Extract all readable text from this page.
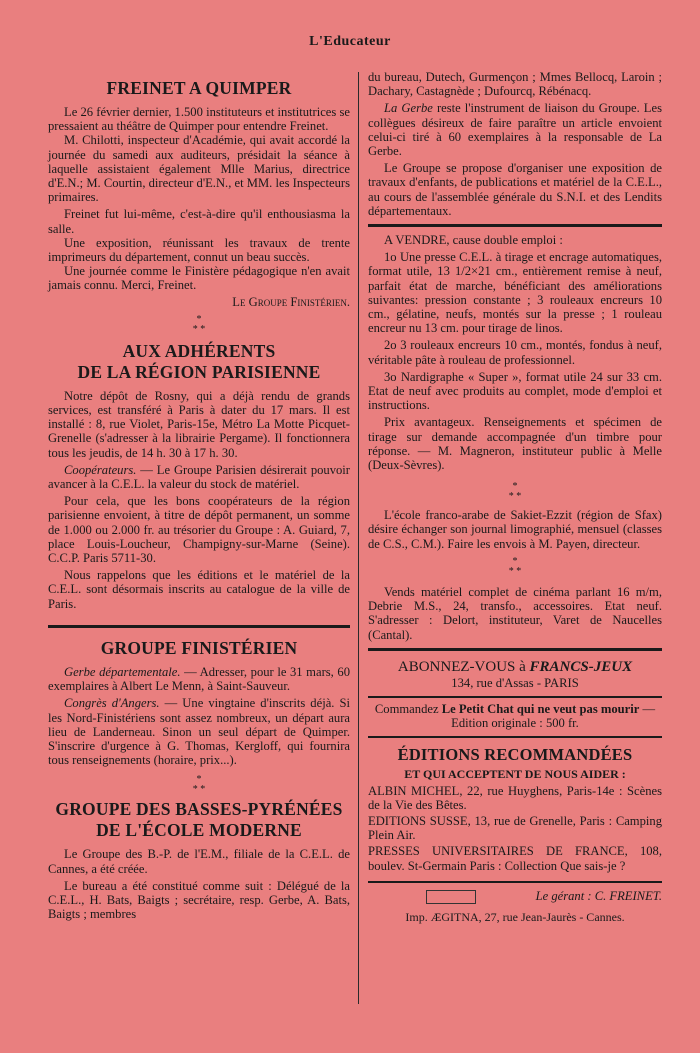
L'Educateur
FREINET A QUIMPER

Le 26 février dernier, 1.500 instituteurs et institutrices se pressaient au théâtre de Quimper pour entendre Freinet.

M. Chilotti, inspecteur d'Académie, qui avait accordé la journée du samedi aux auditeurs, présidait la séance à laquelle assistaient également Mlle Marius, directrice d'E.N.; M. Courtin, directeur d'E.N., et MM. les Inspecteurs primaires.

Freinet fut lui-même, c'est-à-dire qu'il enthousiasma la salle.

Une exposition, réunissant les travaux de trente imprimeurs du département, connut un beau succès.

Une journée comme le Finistère pédagogique n'en avait jamais connu. Merci, Freinet.

Le Groupe Finistérien.

*
* *
AUX ADHÉRENTS
DE LA RÉGION PARISIENNE

Notre dépôt de Rosny, qui a déjà rendu de grands services, est transféré à Paris à dater du 17 mars. Il est installé : 8, rue Violet, Paris-15e, Métro La Motte Picquet-Grenelle (s'adresser à la librairie Pergame). Il fonctionnera tous les jeudis, de 14 h. 30 à 17 h. 30.

Coopérateurs. — Le Groupe Parisien désirerait pouvoir avancer à la C.E.L. la valeur du stock de matériel.

Pour cela, que les bons coopérateurs de la région parisienne envoient, à titre de dépôt permanent, un somme de 1.000 ou 2.000 fr. au trésorier du Groupe : A. Guiard, 7, place Louis-Loucheur, Champigny-sur-Marne (Seine). C.C.P. Paris 5711-30.

Nous rappelons que les éditions et le matériel de la C.E.L. sont désormais inscrits au catalogue de la ville de Paris.

GROUPE FINISTÉRIEN

Gerbe départementale. — Adresser, pour le 31 mars, 60 exemplaires à Albert Le Menn, à Saint-Sauveur.

Congrès d'Angers. — Une vingtaine d'inscrits déjà. Si les Nord-Finistériens sont assez nombreux, un départ aura lieu de Landerneau. Sinon un seul départ de Quimper. S'inscrire d'urgence à G. Thomas, Kergloff, qui fournira tous renseignements (horaire, prix...).

*
* *
GROUPE DES BASSES-PYRÉNÉES
DE L'ÉCOLE MODERNE

Le Groupe des B.-P. de l'E.M., filiale de la C.E.L. de Cannes, a été créée.

Le bureau a été constitué comme suit : Délégué de la C.E.L., H. Bats, Baigts ; secrétaire, resp. Gerbe, A. Bats, Baigts ; membres

du bureau, Dutech, Gurmençon ; Mmes Bellocq, Laroin ; Dachary, Castagnède ; Dufourcq, Rébénacq.

La Gerbe reste l'instrument de liaison du Groupe. Les collègues désireux de faire paraître un article envoient celui-ci tiré à 60 exemplaires à la responsable de La Gerbe.

Le Groupe se propose d'organiser une exposition de travaux d'enfants, de publications et matériel de la C.E.L., au cours de l'assemblée générale du S.N.I. et des Lendits départementaux.

A VENDRE, cause double emploi :

1o Une presse C.E.L. à tirage et encrage automatiques, format utile, 13 1/2×21 cm., entièrement remise à neuf, parfait état de marche, bénéficiant des améliorations suivantes: pression constante ; 3 rouleaux encreurs 10 cm., gélatine, neufs, montés sur la presse ; 1 rouleau encreur nu 13 cm. pour tirage de linos.

2o 3 rouleaux encreurs 10 cm., montés, fondus à neuf, véritable pâte à rouleau de professionnel.

3o Nardigraphe « Super », format utile 24 sur 33 cm. Etat de neuf avec produits au complet, mode d'emploi et instructions.

Prix avantageux. Renseignements et spécimen de tirage sur demande accompagnée d'un timbre pour réponse. — M. Magneron, instituteur public à Melle (Deux-Sèvres).

*
* *

L'école franco-arabe de Sakiet-Ezzit (région de Sfax) désire échanger son journal limographié, mensuel (classes de C.S., C.M.). Faire les envois à M. Payen, directeur.

*
* *

Vends matériel complet de cinéma parlant 16 m/m, Debrie M.S., 24, transfo., accessoires. Etat neuf. S'adresser : Delort, instituteur, Varet de Naucelles (Cantal).

ABONNEZ-VOUS à FRANCS-JEUX
134, rue d'Assas - PARIS

Commandez Le Petit Chat qui ne veut pas mourir — Edition originale : 500 fr.

ÉDITIONS RECOMMANDÉES

ET QUI ACCEPTENT DE NOUS AIDER :

ALBIN MICHEL, 22, rue Huyghens, Paris-14e : Scènes de la Vie des Bêtes.

EDITIONS SUSSE, 13, rue de Grenelle, Paris : Camping Plein Air.

PRESSES UNIVERSITAIRES DE FRANCE, 108, boulev. St-Germain Paris : Collection Que sais-je ?

Le gérant : C. FREINET.
Imp. ÆGITNA, 27, rue Jean-Jaurès - Cannes.
